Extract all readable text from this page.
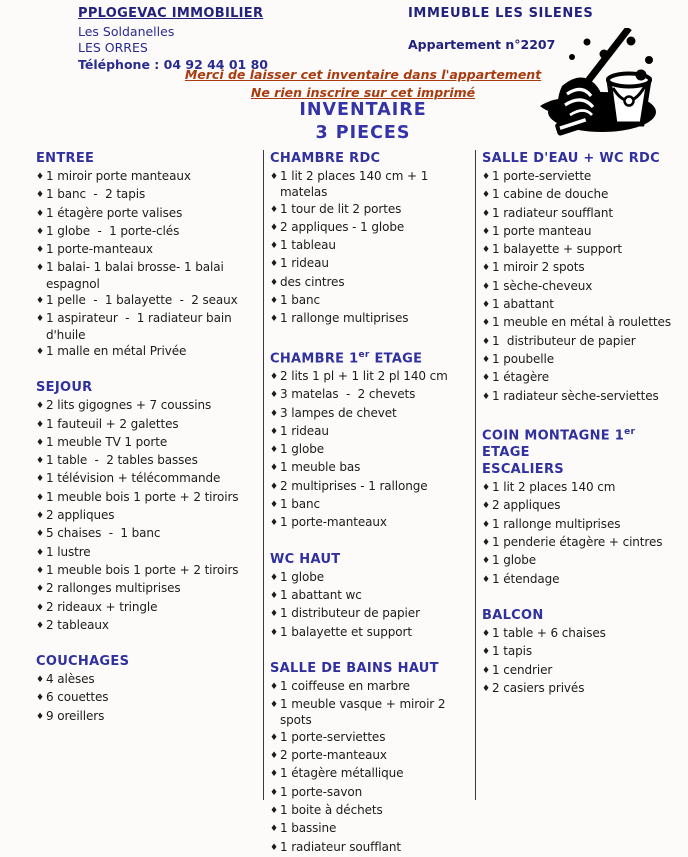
PPLOGEVAC IMMOBILIER
Les Soldanelles
LES ORRES
Téléphone : 04 92 44 01 80
IMMEUBLE LES SILENES
Appartement n°2207
Merci de laisser cet inventaire dans l'appartement
Ne rien inscrire sur cet imprimé
INVENTAIRE
3 PIECES
ENTREE
♦ 1 miroir porte manteaux
♦ 1 banc  -  2 tapis
♦ 1 étagère porte valises
♦ 1 globe  -  1 porte-clés
♦ 1 porte-manteaux
♦ 1 balai- 1 balai brosse- 1 balai espagnol
♦ 1 pelle  -  1 balayette  -  2 seaux
♦ 1 aspirateur  -  1 radiateur bain d'huile
♦ 1 malle en métal Privée
SEJOUR
♦ 2 lits gigognes + 7 coussins
♦ 1 fauteuil + 2 galettes
♦ 1 meuble TV 1 porte
♦ 1 table  -  2 tables basses
♦ 1 télévision + télécommande
♦ 1 meuble bois 1 porte + 2 tiroirs
♦ 2 appliques
♦ 5 chaises  -  1 banc
♦ 1 lustre
♦ 1 meuble bois 1 porte + 2 tiroirs
♦ 2 rallonges multiprises
♦ 2 rideaux + tringle
♦ 2 tableaux
COUCHAGES
♦ 4 alèses
♦ 6 couettes
♦ 9 oreillers
CHAMBRE RDC
♦ 1 lit 2 places 140 cm + 1 matelas
♦ 1 tour de lit 2 portes
♦ 2 appliques - 1 globe
♦ 1 tableau
♦ 1 rideau
♦ des cintres
♦ 1 banc
♦ 1 rallonge multiprises
CHAMBRE 1er ETAGE
♦ 2 lits 1 pl + 1 lit 2 pl 140 cm
♦ 3 matelas  -  2 chevets
♦ 3 lampes de chevet
♦ 1 rideau
♦ 1 globe
♦ 1 meuble bas
♦ 2 multiprises - 1 rallonge
♦ 1 banc
♦ 1 porte-manteaux
WC HAUT
♦ 1 globe
♦ 1 abattant wc
♦ 1 distributeur de papier
♦ 1 balayette et support
SALLE DE BAINS HAUT
♦ 1 coiffeuse en marbre
♦ 1 meuble vasque + miroir 2 spots
♦ 1 porte-serviettes
♦ 2 porte-manteaux
♦ 1 étagère métallique
♦ 1 porte-savon
♦ 1 boite à déchets
♦ 1 bassine
♦ 1 radiateur soufflant
SALLE D'EAU + WC RDC
♦ 1 porte-serviette
♦ 1 cabine de douche
♦ 1 radiateur soufflant
♦ 1 porte manteau
♦ 1 balayette + support
♦ 1 miroir 2 spots
♦ 1 sèche-cheveux
♦ 1 abattant
♦ 1 meuble en métal à roulettes
♦ 1  distributeur de papier
♦ 1 poubelle
♦ 1 étagère
♦ 1 radiateur sèche-serviettes
COIN MONTAGNE 1er ETAGE
ESCALIERS
♦ 1 lit 2 places 140 cm
♦ 2 appliques
♦ 1 rallonge multiprises
♦ 1 penderie étagère + cintres
♦ 1 globe
♦ 1 étendage
BALCON
♦ 1 table + 6 chaises
♦ 1 tapis
♦ 1 cendrier
♦ 2 casiers privés
